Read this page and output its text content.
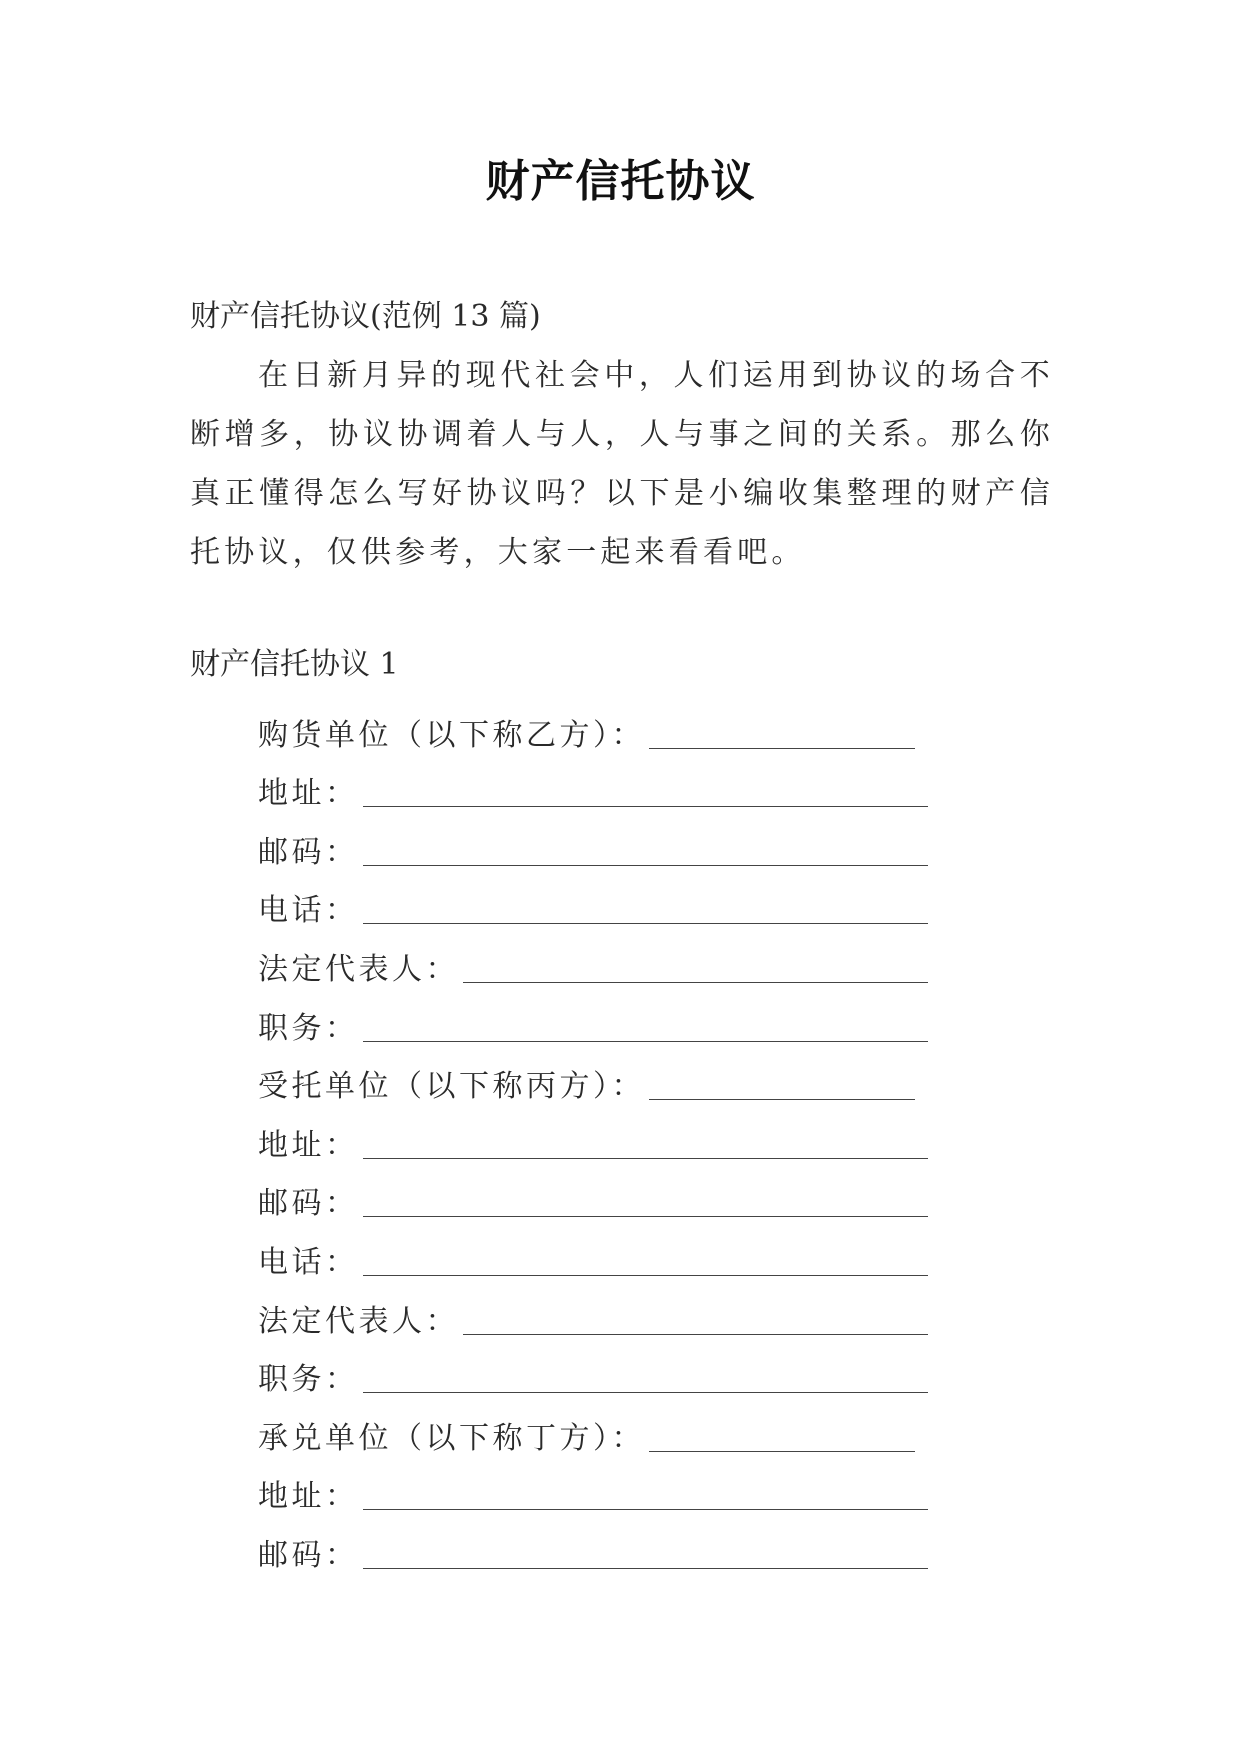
财产信托协议
财产信托协议(范例 13 篇)
在日新月异的现代社会中，人们运用到协议的场合不断增多，协议协调着人与人，人与事之间的关系。那么你真正懂得怎么写好协议吗？以下是小编收集整理的财产信托协议，仅供参考，大家一起来看看吧。
财产信托协议 1
购货单位（以下称乙方）：
地址：
邮码：
电话：
法定代表人：
职务：
受托单位（以下称丙方）：
地址：
邮码：
电话：
法定代表人：
职务：
承兑单位（以下称丁方）：
地址：
邮码：
